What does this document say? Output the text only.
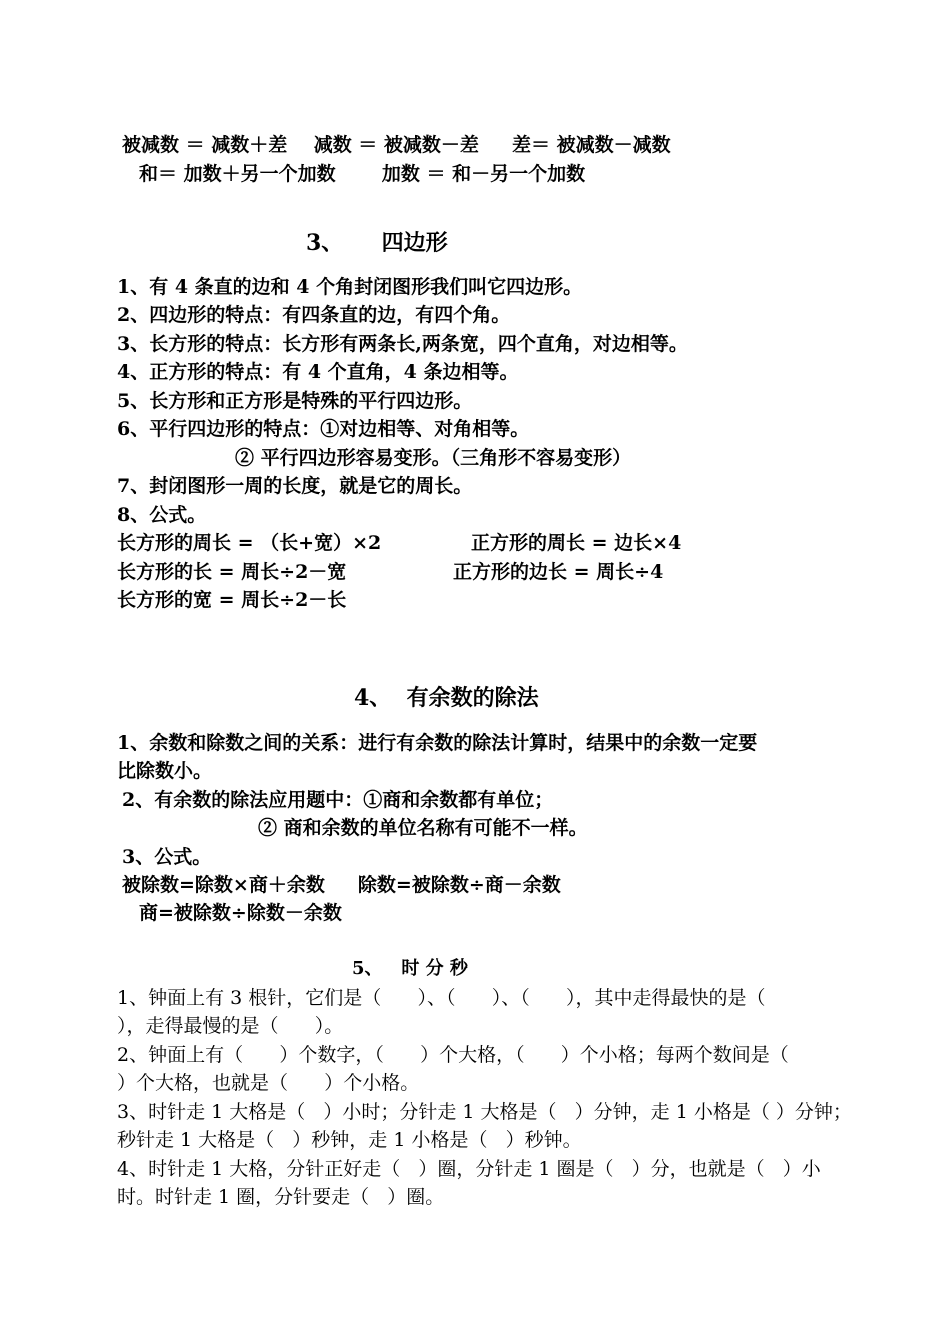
被减数 ＝ 减数＋差    减数 ＝ 被减数－差     差＝ 被减数－减数
和＝ 加数＋另一个加数       加数 ＝ 和－另一个加数
3、     四边形
1、有 4 条直的边和 4 个角封闭图形我们叫它四边形。
2、四边形的特点：有四条直的边，有四个角。
3、长方形的特点：长方形有两条长,两条宽，四个直角，对边相等。
4、正方形的特点：有 4 个直角，4 条边相等。
5、长方形和正方形是特殊的平行四边形。
6、平行四边形的特点：①对边相等、对角相等。
② 平行四边形容易变形。（三角形不容易变形）
7、封闭图形一周的长度，就是它的周长。
8、公式。
长方形的周长 = （长+宽）×2	正方形的周长 = 边长×4
长方形的长 = 周长÷2－宽	正方形的边长 = 周长÷4
长方形的宽 = 周长÷2－长
4、  有余数的除法
1、余数和除数之间的关系：进行有余数的除法计算时，结果中的余数一定要
比除数小。
2、有余数的除法应用题中：①商和余数都有单位；
② 商和余数的单位名称有可能不一样。
3、公式。
被除数=除数×商＋余数     除数=被除数÷商－余数
商=被除数÷除数－余数
5、   时 分 秒
1、钟面上有 3 根针，它们是（      ）、（      ）、（      ），其中走得最快的是（
），走得最慢的是（      ）。
2、钟面上有（      ）个数字，（      ）个大格，（      ）个小格；每两个数间是（
）个大格，也就是（      ）个小格。
3、时针走 1 大格是（   ）小时；分针走 1 大格是（   ）分钟，走 1 小格是（ ）分钟；
秒针走 1 大格是（   ）秒钟，走 1 小格是（   ）秒钟。
4、时针走 1 大格，分针正好走（   ）圈，分针走 1 圈是（   ）分，也就是（   ）小
时。时针走 1 圈，分针要走（   ）圈。
